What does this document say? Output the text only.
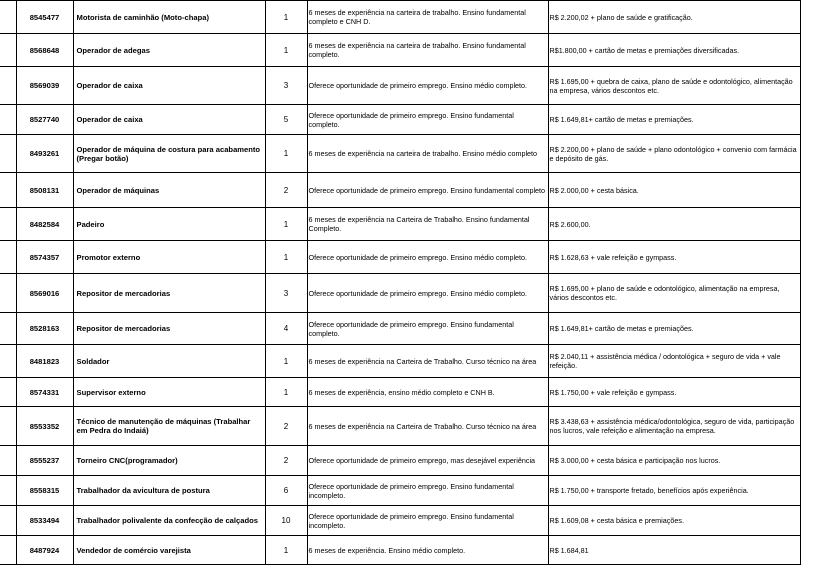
	8545477	Motorista de caminhão (Moto-chapa)	1	6 meses de experiência na carteira de trabalho. Ensino fundamental completo e CNH D.	R$ 2.200,02 + plano de saúde e gratificação.
	8568648	Operador de adegas	1	6 meses de experiência na carteira de trabalho. Ensino fundamental completo.	R$1.800,00 + cartão de metas e premiações diversificadas.
	8569039	Operador de caixa	3	Oferece oportunidade de primeiro emprego. Ensino médio completo.	R$ 1.695,00 + quebra de caixa, plano de saúde e odontológico, alimentação na empresa, vários descontos etc.
	8527740	Operador de caixa	5	Oferece oportunidade de primeiro emprego. Ensino fundamental completo.	R$ 1.649,81+ cartão de metas e premiações.
	8493261	Operador de máquina de costura para acabamento (Pregar botão)	1	6 meses de experiência na carteira de trabalho. Ensino médio completo	R$ 2.200,00 + plano de saúde + plano odontológico + convenio com farmácia e depósito de gás.
	8508131	Operador de máquinas	2	Oferece oportunidade de primeiro emprego. Ensino fundamental completo	R$ 2.000,00 + cesta básica.
	8482584	Padeiro	1	6 meses de experiência na Carteira de Trabalho. Ensino fundamental Completo.	R$ 2.600,00.
	8574357	Promotor externo	1	Oferece oportunidade de primeiro emprego. Ensino médio completo.	R$ 1.628,63 + vale refeição e gympass.
	8569016	Repositor de mercadorias	3	Oferece oportunidade de primeiro emprego. Ensino médio completo.	R$ 1.695,00 + plano de saúde e odontológico, alimentação na empresa, vários descontos etc.
	8528163	Repositor de mercadorias	4	Oferece oportunidade de primeiro emprego. Ensino fundamental completo.	R$ 1.649,81+ cartão de metas e premiações.
	8481823	Soldador	1	6 meses de experiência na Carteira de Trabalho. Curso técnico na área	R$ 2.040,11 + assistência médica / odontológica + seguro de vida + vale refeição.
	8574331	Supervisor externo	1	6 meses de experiência, ensino médio completo e CNH B.	R$ 1.750,00 + vale refeição e gympass.
	8553352	Técnico de manutenção de máquinas (Trabalhar em Pedra do Indaiá)	2	6 meses de experiência na Carteira de Trabalho. Curso técnico na área	R$ 3.438,63 + assistência médica/odontológica, seguro de vida, participação nos lucros, vale refeição e alimentação na empresa.
	8555237	Torneiro CNC(programador)	2	Oferece oportunidade de primeiro emprego, mas desejável experiência	R$ 3.000,00 + cesta básica e participação nos lucros.
	8558315	Trabalhador da avicultura de postura	6	Oferece oportunidade de primeiro emprego. Ensino fundamental incompleto.	R$ 1.750,00 + transporte fretado, benefícios após experiência.
	8533494	Trabalhador polivalente da confecção de calçados	10	Oferece oportunidade de primeiro emprego. Ensino fundamental incompleto.	R$ 1.609,08 + cesta básica e premiações.
	8487924	Vendedor de comércio varejista	1	6 meses de experiência. Ensino médio completo.	R$ 1.684,81
